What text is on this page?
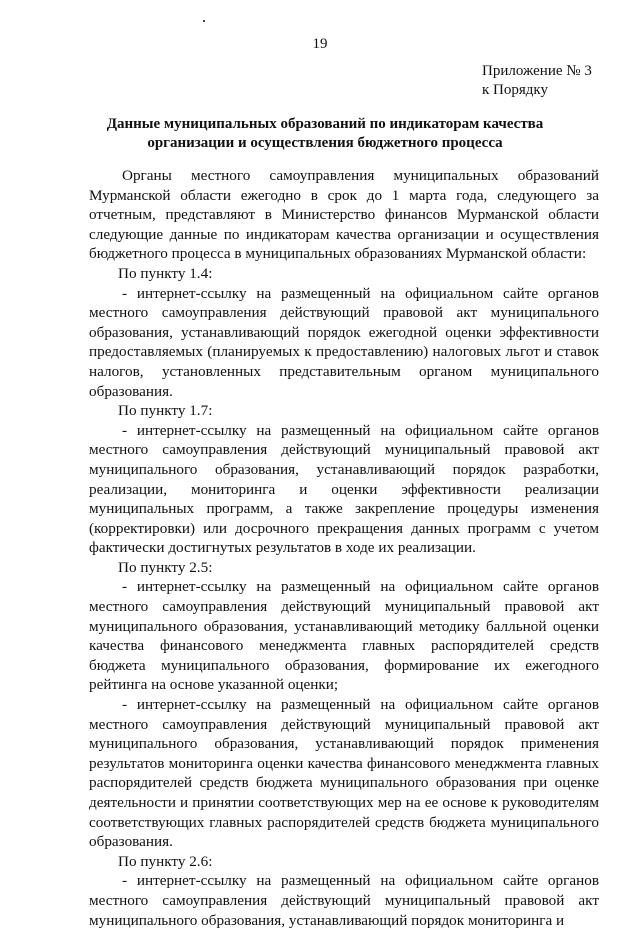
19
Приложение № 3
к Порядку
Данные муниципальных образований по индикаторам качества организации и осуществления бюджетного процесса

Органы местного самоуправления муниципальных образований Мурманской области ежегодно в срок до 1 марта года, следующего за отчетным, представляют в Министерство финансов Мурманской области следующие данные по индикаторам качества организации и осуществления бюджетного процесса в муниципальных образованиях Мурманской области:

По пункту 1.4:

- интернет-ссылку на размещенный на официальном сайте органов местного самоуправления действующий правовой акт муниципального образования, устанавливающий порядок ежегодной оценки эффективности предоставляемых (планируемых к предоставлению) налоговых льгот и ставок налогов, установленных представительным органом муниципального образования.

По пункту 1.7:

- интернет-ссылку на размещенный на официальном сайте органов местного самоуправления действующий муниципальный правовой акт муниципального образования, устанавливающий порядок разработки, реализации, мониторинга и оценки эффективности реализации муниципальных программ, а также закрепление процедуры изменения (корректировки) или досрочного прекращения данных программ с учетом фактически достигнутых результатов в ходе их реализации.

По пункту 2.5:

- интернет-ссылку на размещенный на официальном сайте органов местного самоуправления действующий муниципальный правовой акт муниципального образования, устанавливающий методику балльной оценки качества финансового менеджмента главных распорядителей средств бюджета муниципального образования, формирование их ежегодного рейтинга на основе указанной оценки;

- интернет-ссылку на размещенный на официальном сайте органов местного самоуправления действующий муниципальный правовой акт муниципального образования, устанавливающий порядок применения результатов мониторинга оценки качества финансового менеджмента главных распорядителей средств бюджета муниципального образования при оценке деятельности и принятии соответствующих мер на ее основе к руководителям соответствующих главных распорядителей средств бюджета муниципального образования.

По пункту 2.6:

- интернет-ссылку на размещенный на официальном сайте органов местного самоуправления действующий муниципальный правовой акт муниципального образования, устанавливающий порядок мониторинга и
